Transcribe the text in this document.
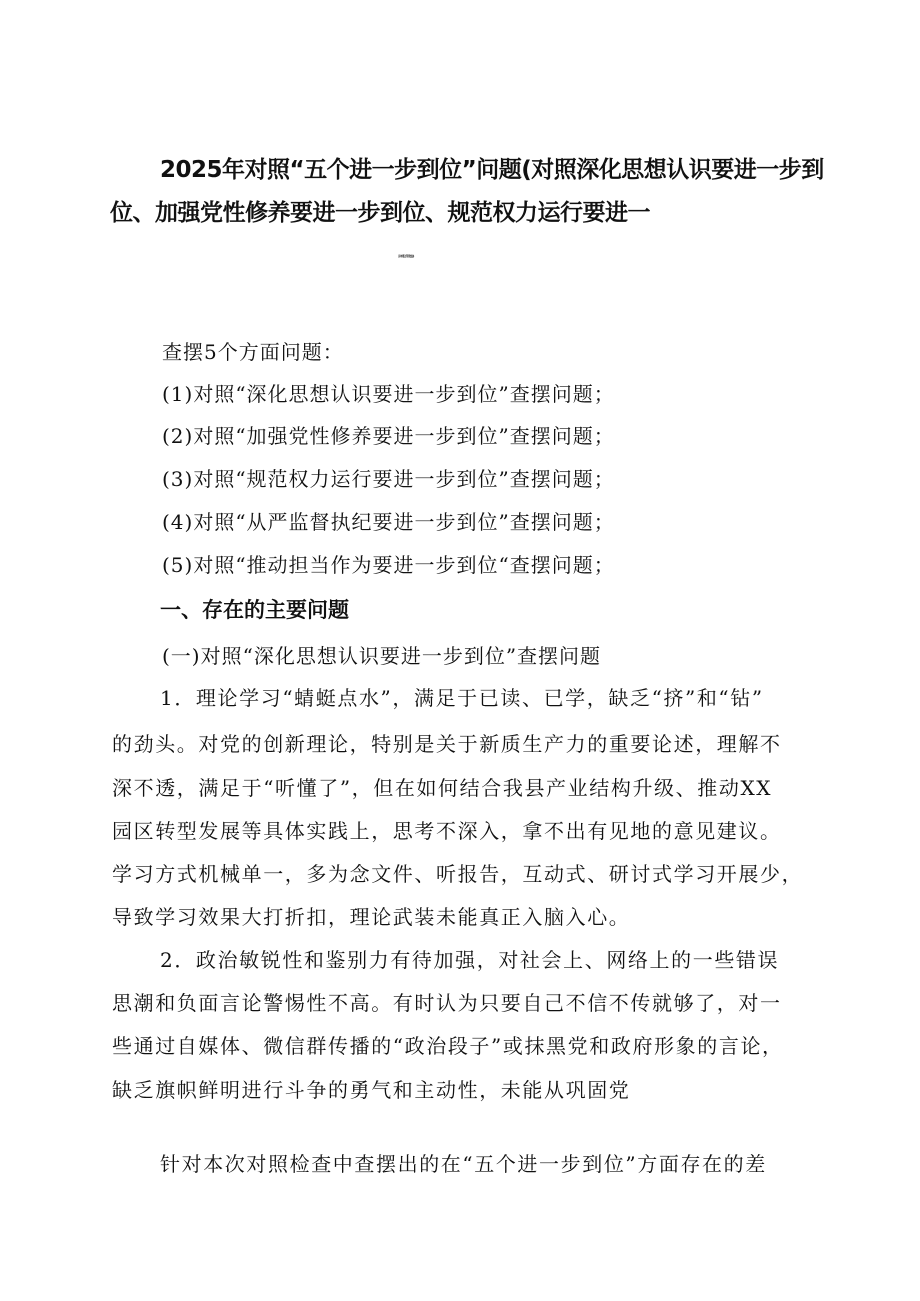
2025年对照“五个进一步到位”问题(对照深化思想认识要进一步到
位、加强党性修养要进一步到位、规范权力运行要进一
步到位等发面)
查摆5个方面问题：
(1)对照“深化思想认识要进一步到位”查摆问题；
(2)对照“加强党性修养要进一步到位”查摆问题；
(3)对照“规范权力运行要进一步到位”查摆问题；
(4)对照“从严监督执纪要进一步到位”查摆问题；
(5)对照“推动担当作为要进一步到位“查摆问题；
一、存在的主要问题
(一)对照“深化思想认识要进一步到位”查摆问题
1．理论学习“蜻蜓点水”，满足于已读、已学，缺乏“挤”和“钻”
的劲头。对党的创新理论，特别是关于新质生产力的重要论述，理解不
深不透，满足于“听懂了”，但在如何结合我县产业结构升级、推动XX
园区转型发展等具体实践上，思考不深入，拿不出有见地的意见建议。
学习方式机械单一，多为念文件、听报告，互动式、研讨式学习开展少，
导致学习效果大打折扣，理论武装未能真正入脑入心。
2．政治敏锐性和鉴别力有待加强，对社会上、网络上的一些错误
思潮和负面言论警惕性不高。有时认为只要自己不信不传就够了，对一
些通过自媒体、微信群传播的“政治段子”或抹黑党和政府形象的言论，
缺乏旗帜鲜明进行斗争的勇气和主动性，未能从巩固党
针对本次对照检查中查摆出的在“五个进一步到位”方面存在的差
